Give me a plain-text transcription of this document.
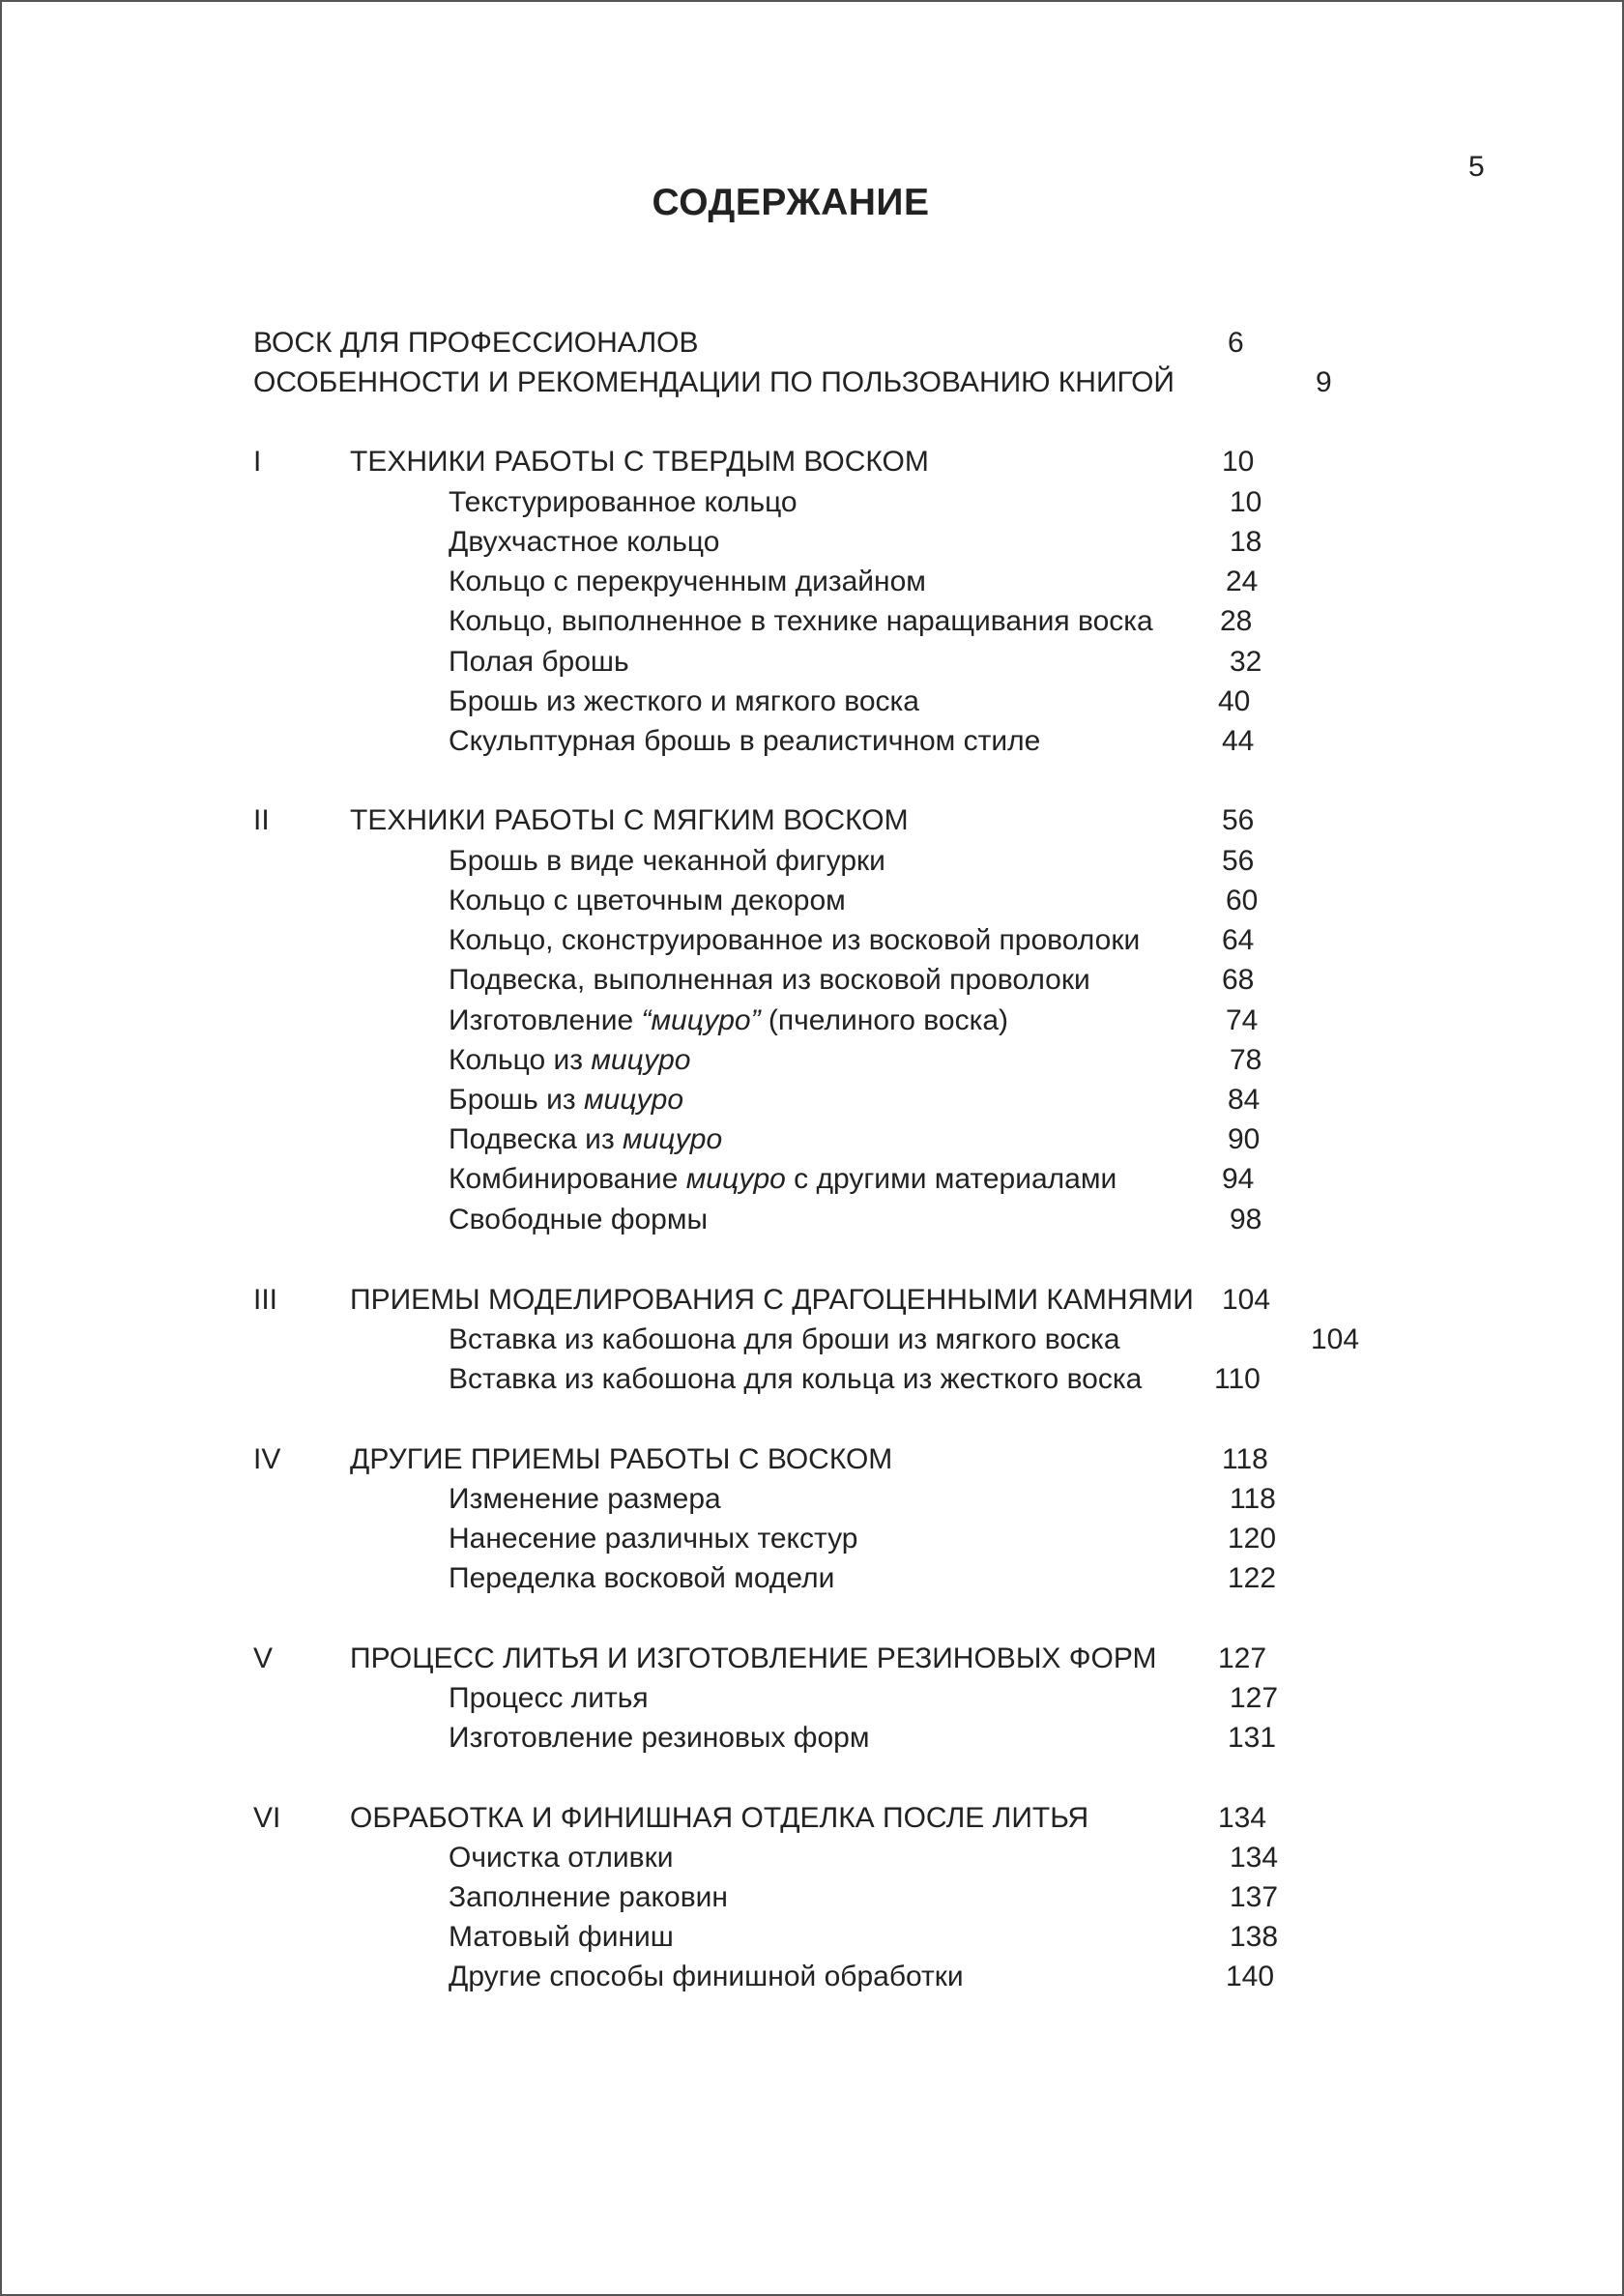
5
СОДЕРЖАНИЕ
ВОСК ДЛЯ ПРОФЕССИОНАЛОВ	6
ОСОБЕННОСТИ И РЕКОМЕНДАЦИИ ПО ПОЛЬЗОВАНИЮ КНИГОЙ	9
I	ТЕХНИКИ РАБОТЫ С ТВЕРДЫМ ВОСКОМ	10
Текстурированное кольцо	10
Двухчастное кольцо	18
Кольцо с перекрученным дизайном	24
Кольцо, выполненное в технике наращивания воска 28
Полая брошь	32
Брошь из жесткого и мягкого воска	40
Скульптурная брошь в реалистичном стиле	44
II	ТЕХНИКИ РАБОТЫ С МЯГКИМ ВОСКОМ	56
Брошь в виде чеканной фигурки	56
Кольцо с цветочным декором	60
Кольцо, сконструированное из восковой проволоки	64
Подвеска, выполненная из восковой проволоки	68
Изготовление “мицуро” (пчелиного воска)	74
Кольцо из мицуро	78
Брошь из мицуро	84
Подвеска из мицуро	90
Комбинирование мицуро с другими материалами	94
Свободные формы	98
III ПРИЕМЫ МОДЕЛИРОВАНИЯ С ДРАГОЦЕННЫМИ КАМНЯМИ 104
Вставка из кабошона для броши из мягкого воска	104
Вставка из кабошона для кольца из жесткого воска 110
IV ДРУГИЕ ПРИЕМЫ РАБОТЫ С ВОСКОМ	118
Изменение размера	118
Нанесение различных текстур	120
Переделка восковой модели	122
V	ПРОЦЕСС ЛИТЬЯ И ИЗГОТОВЛЕНИЕ РЕЗИНОВЫХ ФОРМ 127
Процесс литья	127
Изготовление резиновых форм	131
VI ОБРАБОТКА И ФИНИШНАЯ ОТДЕЛКА ПОСЛЕ ЛИТЬЯ	134
Очистка отливки	134
Заполнение раковин	137
Матовый финиш	138
Другие способы финишной обработки	140
